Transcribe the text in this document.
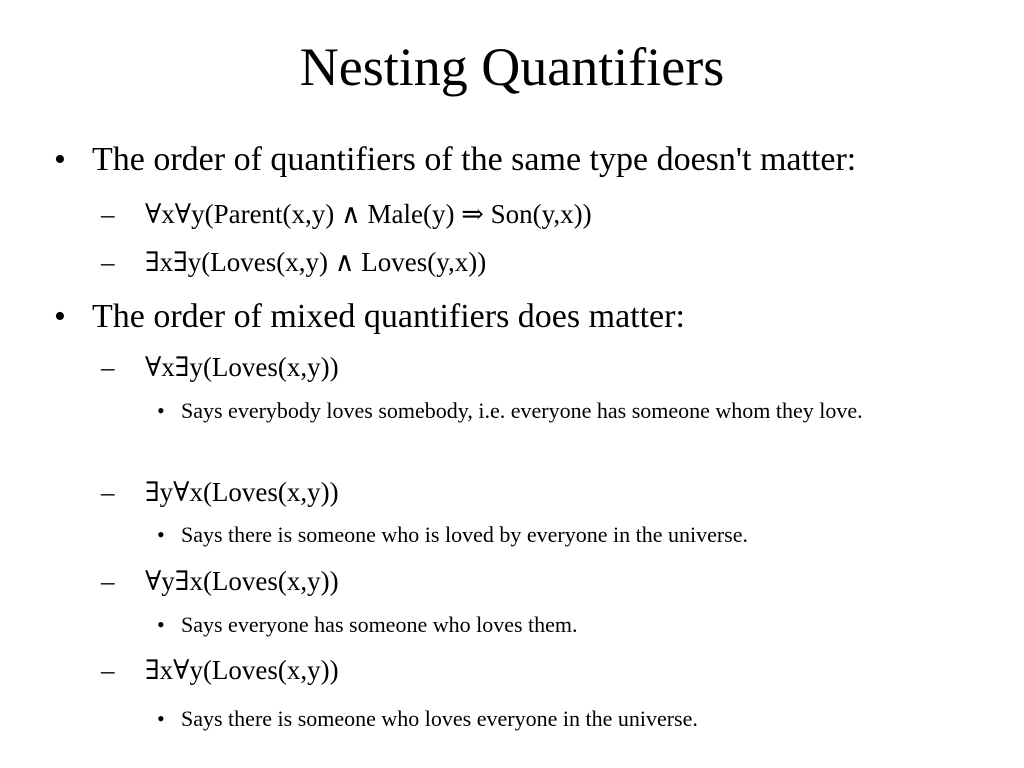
Nesting Quantifiers
• The order of quantifiers of the same type doesn't matter:
– ∀x∀y(Parent(x,y) ∧ Male(y) ⇒ Son(y,x))
– ∃x∃y(Loves(x,y) ∧ Loves(y,x))
• The order of mixed quantifiers does matter:
– ∀x∃y(Loves(x,y))
• Says everybody loves somebody, i.e. everyone has someone whom they love.
– ∃y∀x(Loves(x,y))
• Says there is someone who is loved by everyone in the universe.
– ∀y∃x(Loves(x,y))
• Says everyone has someone who loves them.
– ∃x∀y(Loves(x,y))
• Says there is someone who loves everyone in the universe.
